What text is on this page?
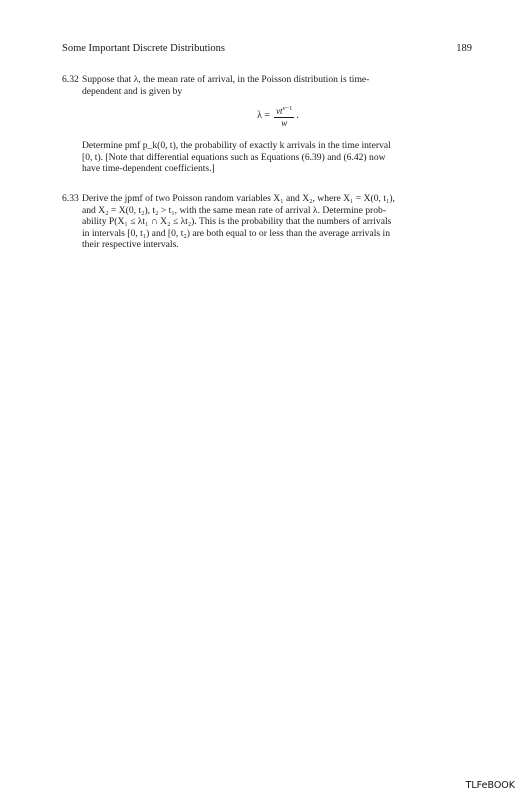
Some Important Discrete Distributions	189
6.32 Suppose that λ, the mean rate of arrival, in the Poisson distribution is time-

dependent and is given by

$\lambda = \frac{\nu t^{\nu-1}}{w}$ .

Determine pmf p_k(0, t), the probability of exactly k arrivals in the time interval

[0, t). [Note that differential equations such as Equations (6.39) and (6.42) now

have time-dependent coefficients.]

6.33 Derive the jpmf of two Poisson random variables X₁ and X₂, where X₁ = X(0, t₁),

and X₂ = X(0, t₂), t₂ > t₁, with the same mean rate of arrival λ. Determine prob-

ability P(X₁ ≤ λt₁ ∩ X₂ ≤ λt₂). This is the probability that the numbers of arrivals

in intervals [0, t₁) and [0, t₂) are both equal to or less than the average arrivals in

their respective intervals.

TLFeBOOK
